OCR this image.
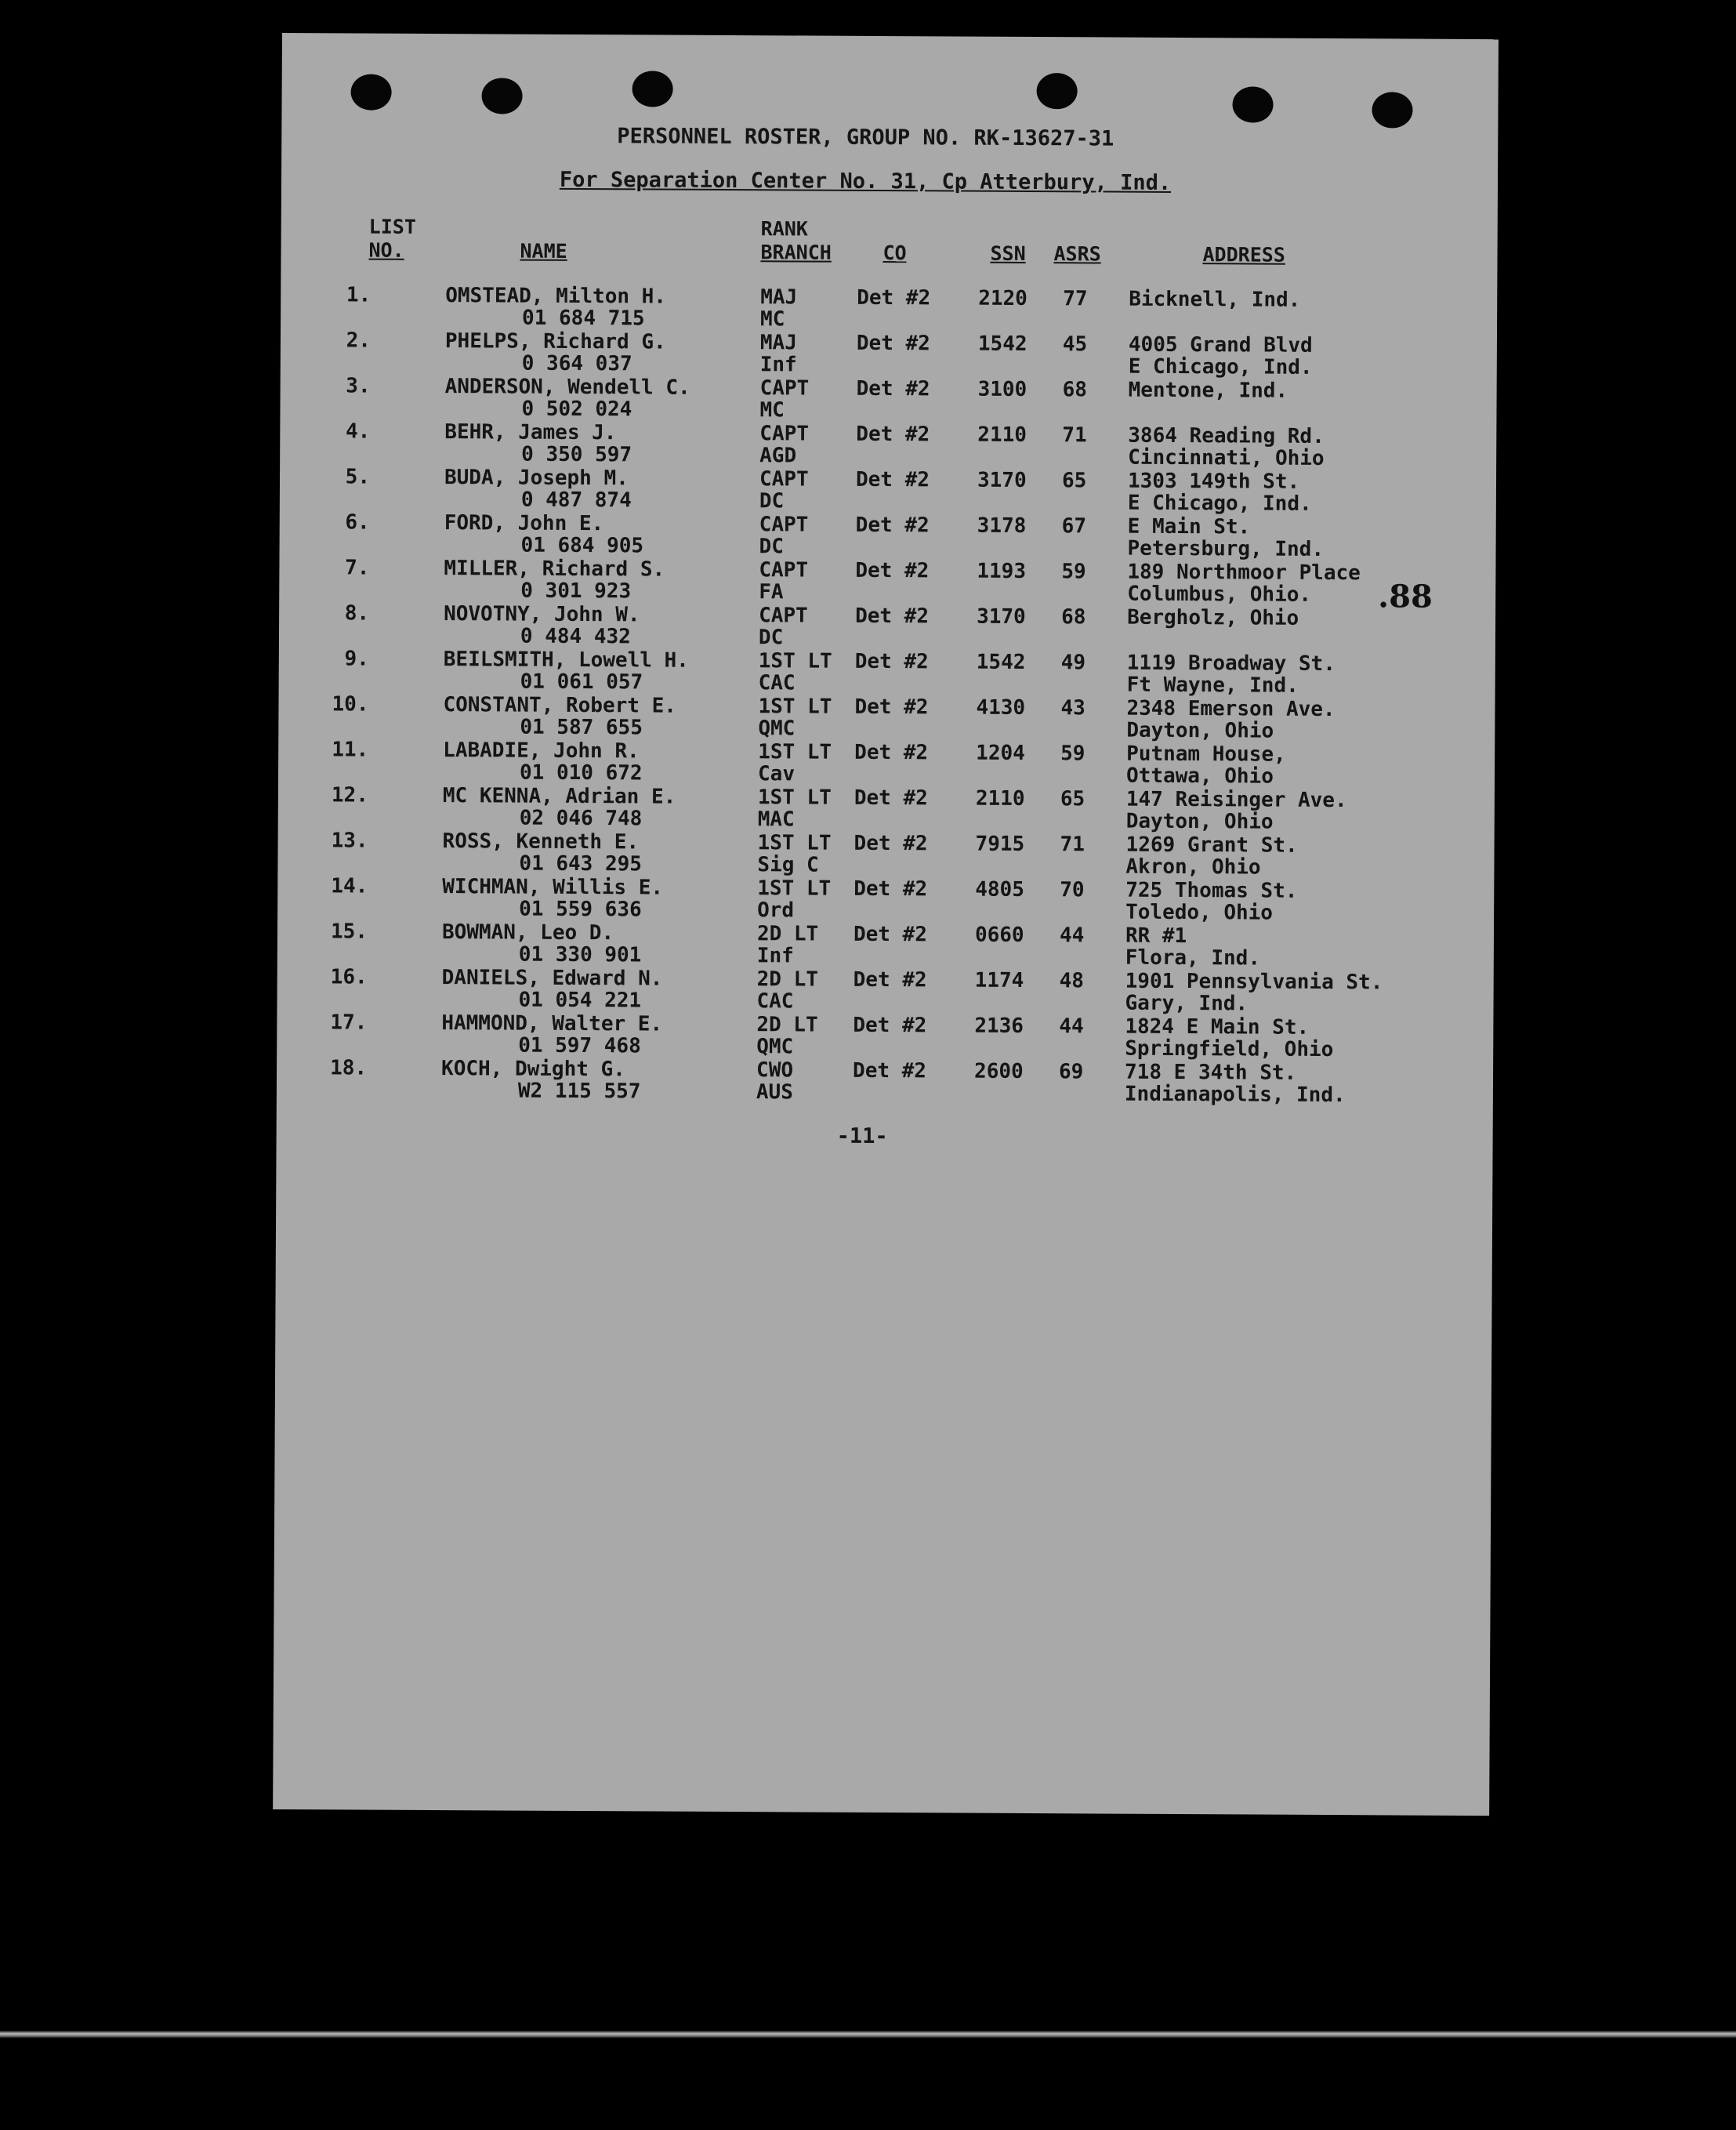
PERSONNEL ROSTER, GROUP NO. RK-13627-31
For Separation Center No. 31, Cp Atterbury, Ind.
LIST
NO.	NAME
RANK
BRANCH	CO	SSN ASRS	ADDRESS
1.	OMSTEAD, Milton H.
01 684 715
MAJ
MC
Det #2 2120 77 Bicknell, Ind.
2.	PHELPS, Richard G.
0 364 037
MAJ
Inf
Det #2 1542 45 4005 Grand Blvd
E Chicago, Ind.
3.	ANDERSON, Wendell C.
0 502 024
CAPT
MC
Det #2 3100 68 Mentone, Ind.
4.	BEHR, James J.
0 350 597
CAPT
AGD
Det #2 2110 71 3864 Reading Rd.
Cincinnati, Ohio
5.	BUDA, Joseph M.
0 487 874
CAPT
DC
Det #2 3170 65 1303 149th St.
E Chicago, Ind.
6.	FORD, John E.
01 684 905
CAPT
DC
Det #2 3178 67 E Main St.
Petersburg, Ind.
7.	MILLER, Richard S.
0 301 923
CAPT
FA
Det #2 1193 59 189 Northmoor Place
Columbus, Ohio.
8.	NOVOTNY, John W.
0 484 432
CAPT
DC
Det #2 3170 68 Bergholz, Ohio
9.	BEILSMITH, Lowell H.
01 061 057
1ST LT
CAC
Det #2 1542 49 1119 Broadway St.
Ft Wayne, Ind.
10.	CONSTANT, Robert E.
01 587 655
1ST LT
QMC
Det #2 4130 43 2348 Emerson Ave.
Dayton, Ohio
11.	LABADIE, John R.
01 010 672
1ST LT
Cav
Det #2 1204 59 Putnam House,
Ottawa, Ohio
12.	MC KENNA, Adrian E.
02 046 748
1ST LT
MAC
Det #2 2110 65 147 Reisinger Ave.
Dayton, Ohio
13.	ROSS, Kenneth E.
01 643 295
1ST LT
Sig C
Det #2 7915 71 1269 Grant St.
Akron, Ohio
14.	WICHMAN, Willis E.
01 559 636
1ST LT
Ord
Det #2 4805 70 725 Thomas St.
Toledo, Ohio
15.	BOWMAN, Leo D.
01 330 901
2D LT
Inf
Det #2 0660 44 RR #1
Flora, Ind.
16.	DANIELS, Edward N.
01 054 221
2D LT
CAC
Det #2 1174 48 1901 Pennsylvania St.
Gary, Ind.
17.	HAMMOND, Walter E.
01 597 468
2D LT
QMC
Det #2 2136 44 1824 E Main St.
Springfield, Ohio
18.	KOCH, Dwight G.
W2 115 557
CWO
AUS
Det #2 2600 69 718 E 34th St.
Indianapolis, Ind.
.88
-11-
